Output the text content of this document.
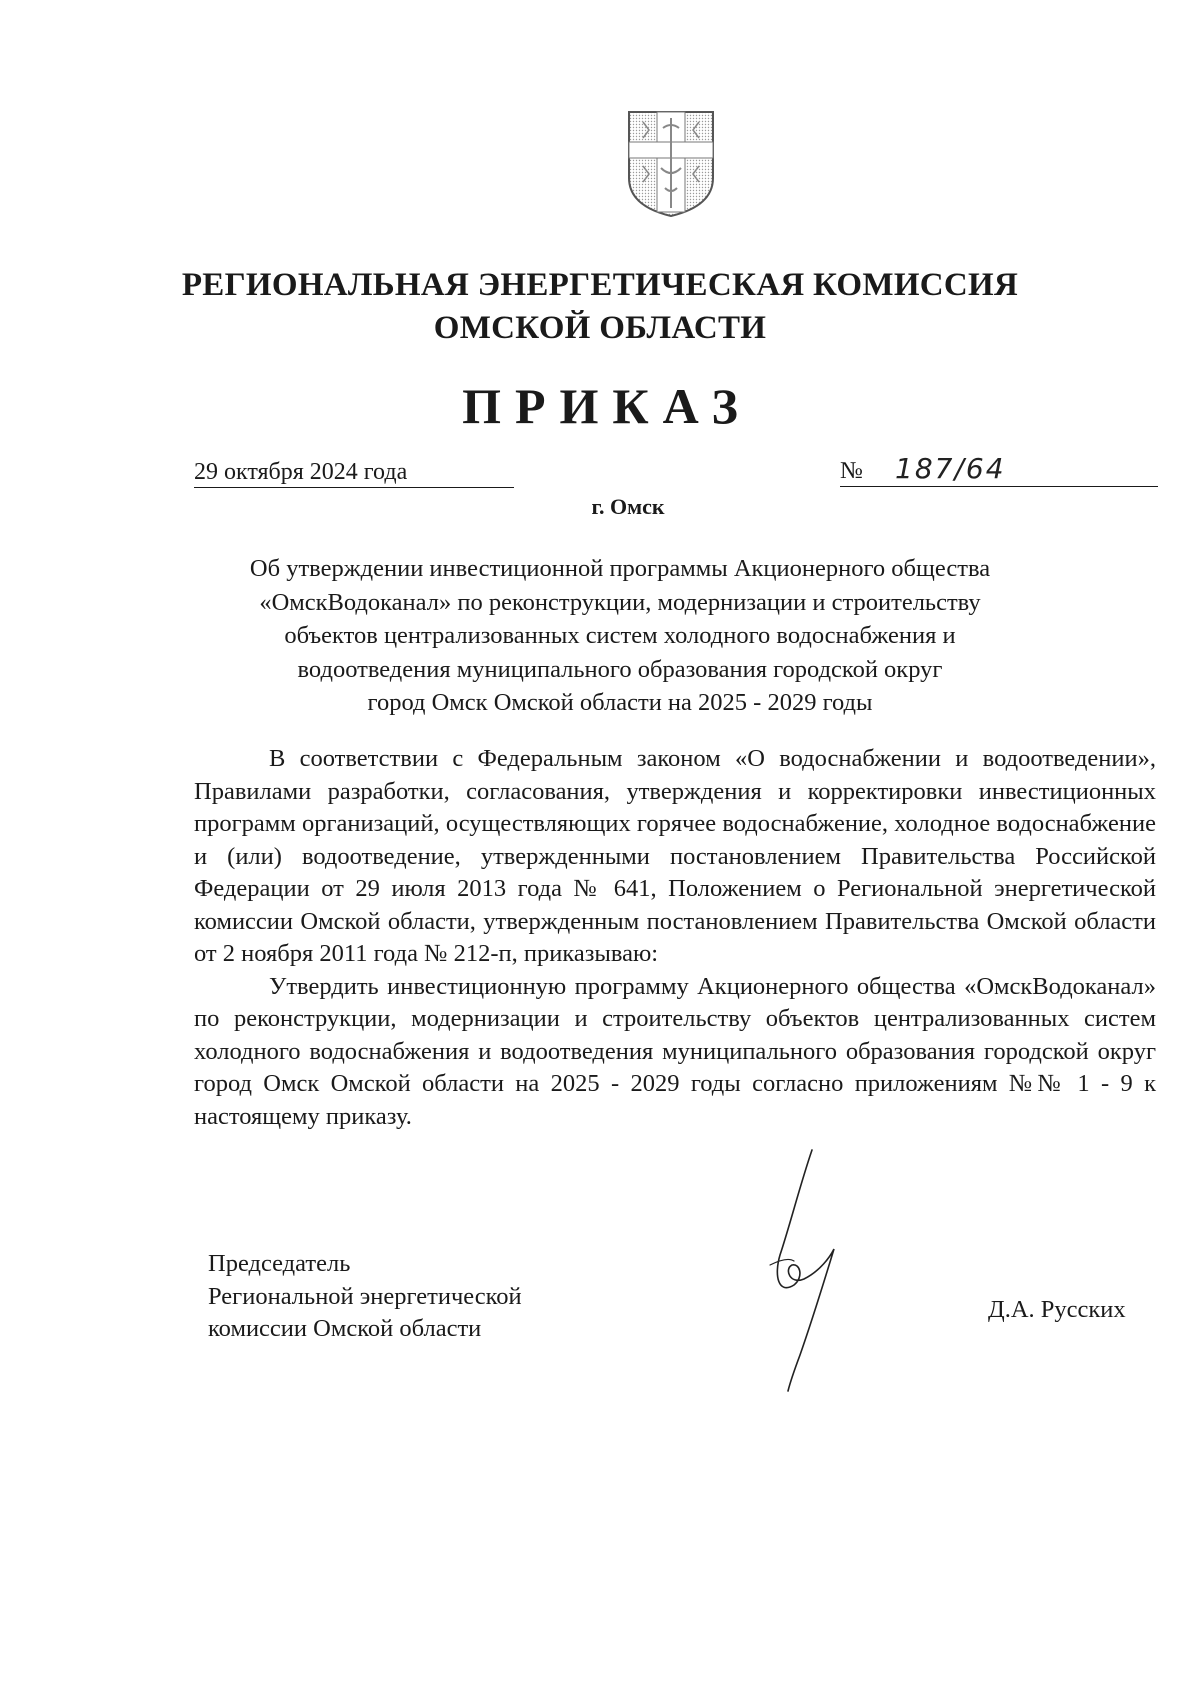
РЕГИОНАЛЬНАЯ ЭНЕРГЕТИЧЕСКАЯ КОМИССИЯ
ОМСКОЙ ОБЛАСТИ
ПРИКАЗ
29 октября 2024 года	№ 187/64
г. Омск
Об утверждении инвестиционной программы Акционерного общества
«ОмскВодоканал» по реконструкции, модернизации и строительству
объектов централизованных систем холодного водоснабжения и
водоотведения муниципального образования городской округ
город Омск Омской области на 2025 - 2029 годы

В соответствии с Федеральным законом «О водоснабжении и водоотведении», Правилами разработки, согласования, утверждения и корректировки инвестиционных программ организаций, осуществляющих горячее водоснабжение, холодное водоснабжение и (или) водоотведение, утвержденными постановлением Правительства Российской Федерации от 29 июля 2013 года № 641, Положением о Региональной энергетической комиссии Омской области, утвержденным постановлением Правительства Омской области от 2 ноября 2011 года № 212-п, приказываю:

Утвердить инвестиционную программу Акционерного общества «ОмскВодоканал» по реконструкции, модернизации и строительству объектов централизованных систем холодного водоснабжения и водоотведения муниципального образования городской округ город Омск Омской области на 2025 - 2029 годы согласно приложениям №№ 1 - 9 к настоящему приказу.

Председатель
Региональной энергетической
комиссии Омской области
Д.А. Русских
